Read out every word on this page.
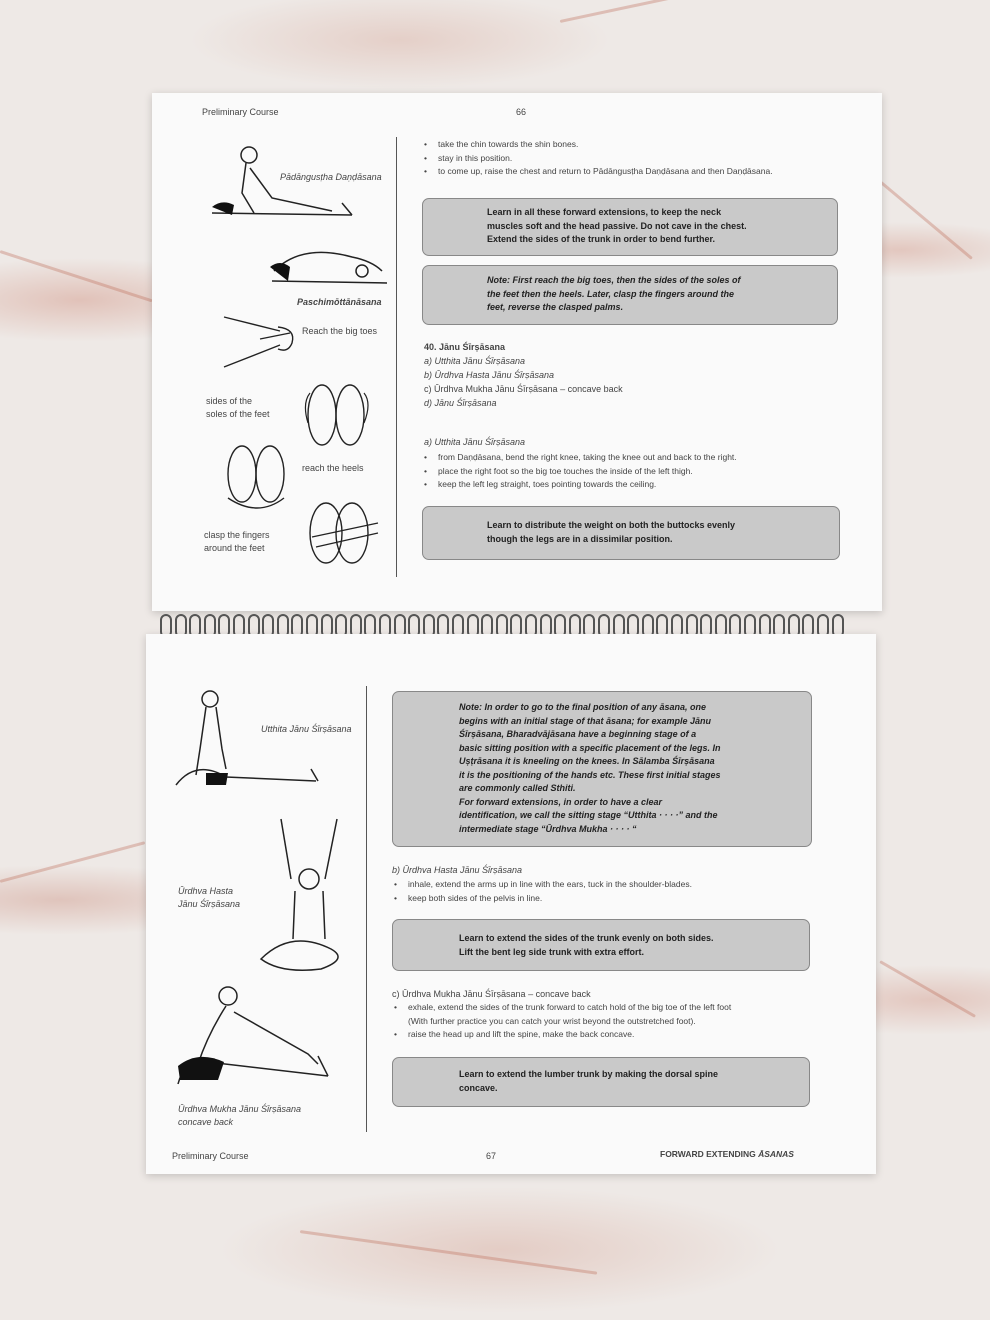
Preliminary Course	66
Pādāngusṭha Daṇḍāsana
Paschimōttānāsana
Reach the big toes
sides of the
soles of the feet
reach the heels
clasp the fingers
around the feet
• take the chin towards the shin bones.
• stay in this position.
• to come up, raise the chest and return to Pādāngusṭha Daṇḍāsana and then Daṇḍāsana.
Learn in all these forward extensions, to keep the neck
muscles soft and the head passive. Do not cave in the chest.
Extend the sides of the trunk in order to bend further.
Note: First reach the big toes, then the sides of the soles of
the feet then the heels. Later, clasp the fingers around the
feet, reverse the clasped palms.
40. Jānu Śīrṣāsana
a) Utthita Jānu Śīrṣāsana
b) Ūrdhva Hasta Jānu Śīrṣāsana
c) Ūrdhva Mukha Jānu Śīrṣāsana – concave back
d) Jānu Śīrṣāsana
a) Utthita Jānu Śīrṣāsana
• from Daṇḍāsana, bend the right knee, taking the knee out and back to the right.
• place the right foot so the big toe touches the inside of the left thigh.
• keep the left leg straight, toes pointing towards the ceiling.
Learn to distribute the weight on both the buttocks evenly
though the legs are in a dissimilar position.
Utthita Jānu Śīrṣāsana
Ūrdhva Hasta
Jānu Śīrṣāsana
Ūrdhva Mukha Jānu Śīrṣāsana
concave back
Note: In order to go to the final position of any āsana, one
begins with an initial stage of that āsana; for example Jānu
Śīrṣāsana, Bharadvājāsana have a beginning stage of a
basic sitting position with a specific placement of the legs. In
Uṣṭrāsana it is kneeling on the knees. In Sālamba Śīrṣāsana
it is the positioning of the hands etc. These first initial stages
are commonly called Sthiti.
For forward extensions, in order to have a clear
identification, we call the sitting stage “Utthita · · · ·” and the
intermediate stage “Ūrdhva Mukha · · · · “
b) Ūrdhva Hasta Jānu Śīrṣāsana
• inhale, extend the arms up in line with the ears, tuck in the shoulder-blades.
• keep both sides of the pelvis in line.
Learn to extend the sides of the trunk evenly on both sides.
Lift the bent leg side trunk with extra effort.
c) Ūrdhva Mukha Jānu Śīrṣāsana – concave back
• exhale, extend the sides of the trunk forward to catch hold of the big toe of the left foot
(With further practice you can catch your wrist beyond the outstretched foot).
• raise the head up and lift the spine, make the back concave.
Learn to extend the lumber trunk by making the dorsal spine
concave.
Preliminary Course	67	FORWARD EXTENDING ĀSANAS
